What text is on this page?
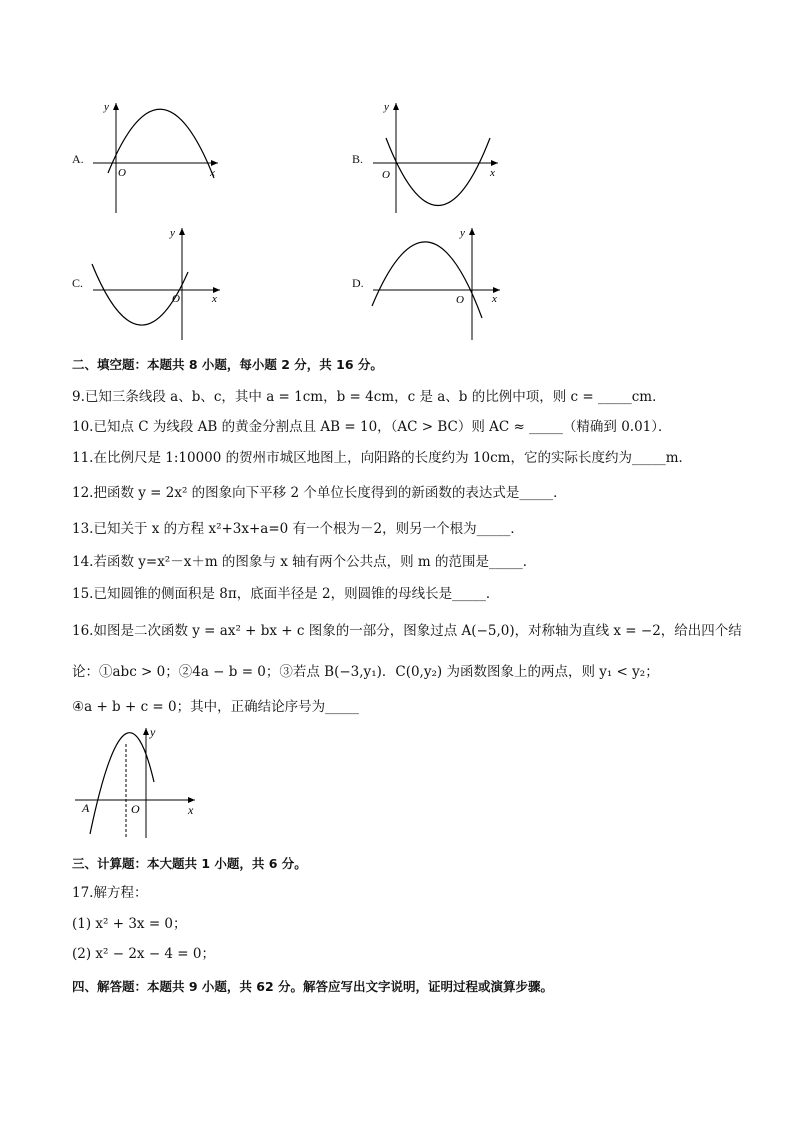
A.
y
x
O
B.
y
x
O
C.
y
x
O
D.
y
x
O
二、填空题：本题共 8 小题，每小题 2 分，共 16 分。
9.已知三条线段 a、b、c，其中 a = 1cm，b = 4cm，c 是 a、b 的比例中项，则 c = _____cm．
10.已知点 C 为线段 AB 的黄金分割点且 AB = 10，（AC > BC）则 AC ≈ _____（精确到 0.01）．
11.在比例尺是 1:10000 的贺州市城区地图上，向阳路的长度约为 10cm，它的实际长度约为_____m．
12.把函数 y = 2x² 的图象向下平移 2 个单位长度得到的新函数的表达式是_____．
13.已知关于 x 的方程 x²+3x+a=0 有一个根为－2，则另一个根为_____．
14.若函数 y=x²－x＋m 的图象与 x 轴有两个公共点，则 m 的范围是_____．
15.已知圆锥的侧面积是 8π，底面半径是 2，则圆锥的母线长是_____．
16.如图是二次函数 y = ax² + bx + c 图象的一部分，图象过点 A(−5,0)，对称轴为直线 x = −2，给出四个结
论：①abc > 0；②4a − b = 0；③若点 B(−3,y₁)．C(0,y₂) 为函数图象上的两点，则 y₁ < y₂；
④a + b + c = 0；其中，正确结论序号为_____
y
A	O	x
三、计算题：本大题共 1 小题，共 6 分。
17.解方程：
(1) x² + 3x = 0；
(2) x² − 2x − 4 = 0；
四、解答题：本题共 9 小题，共 62 分。解答应写出文字说明，证明过程或演算步骤。
